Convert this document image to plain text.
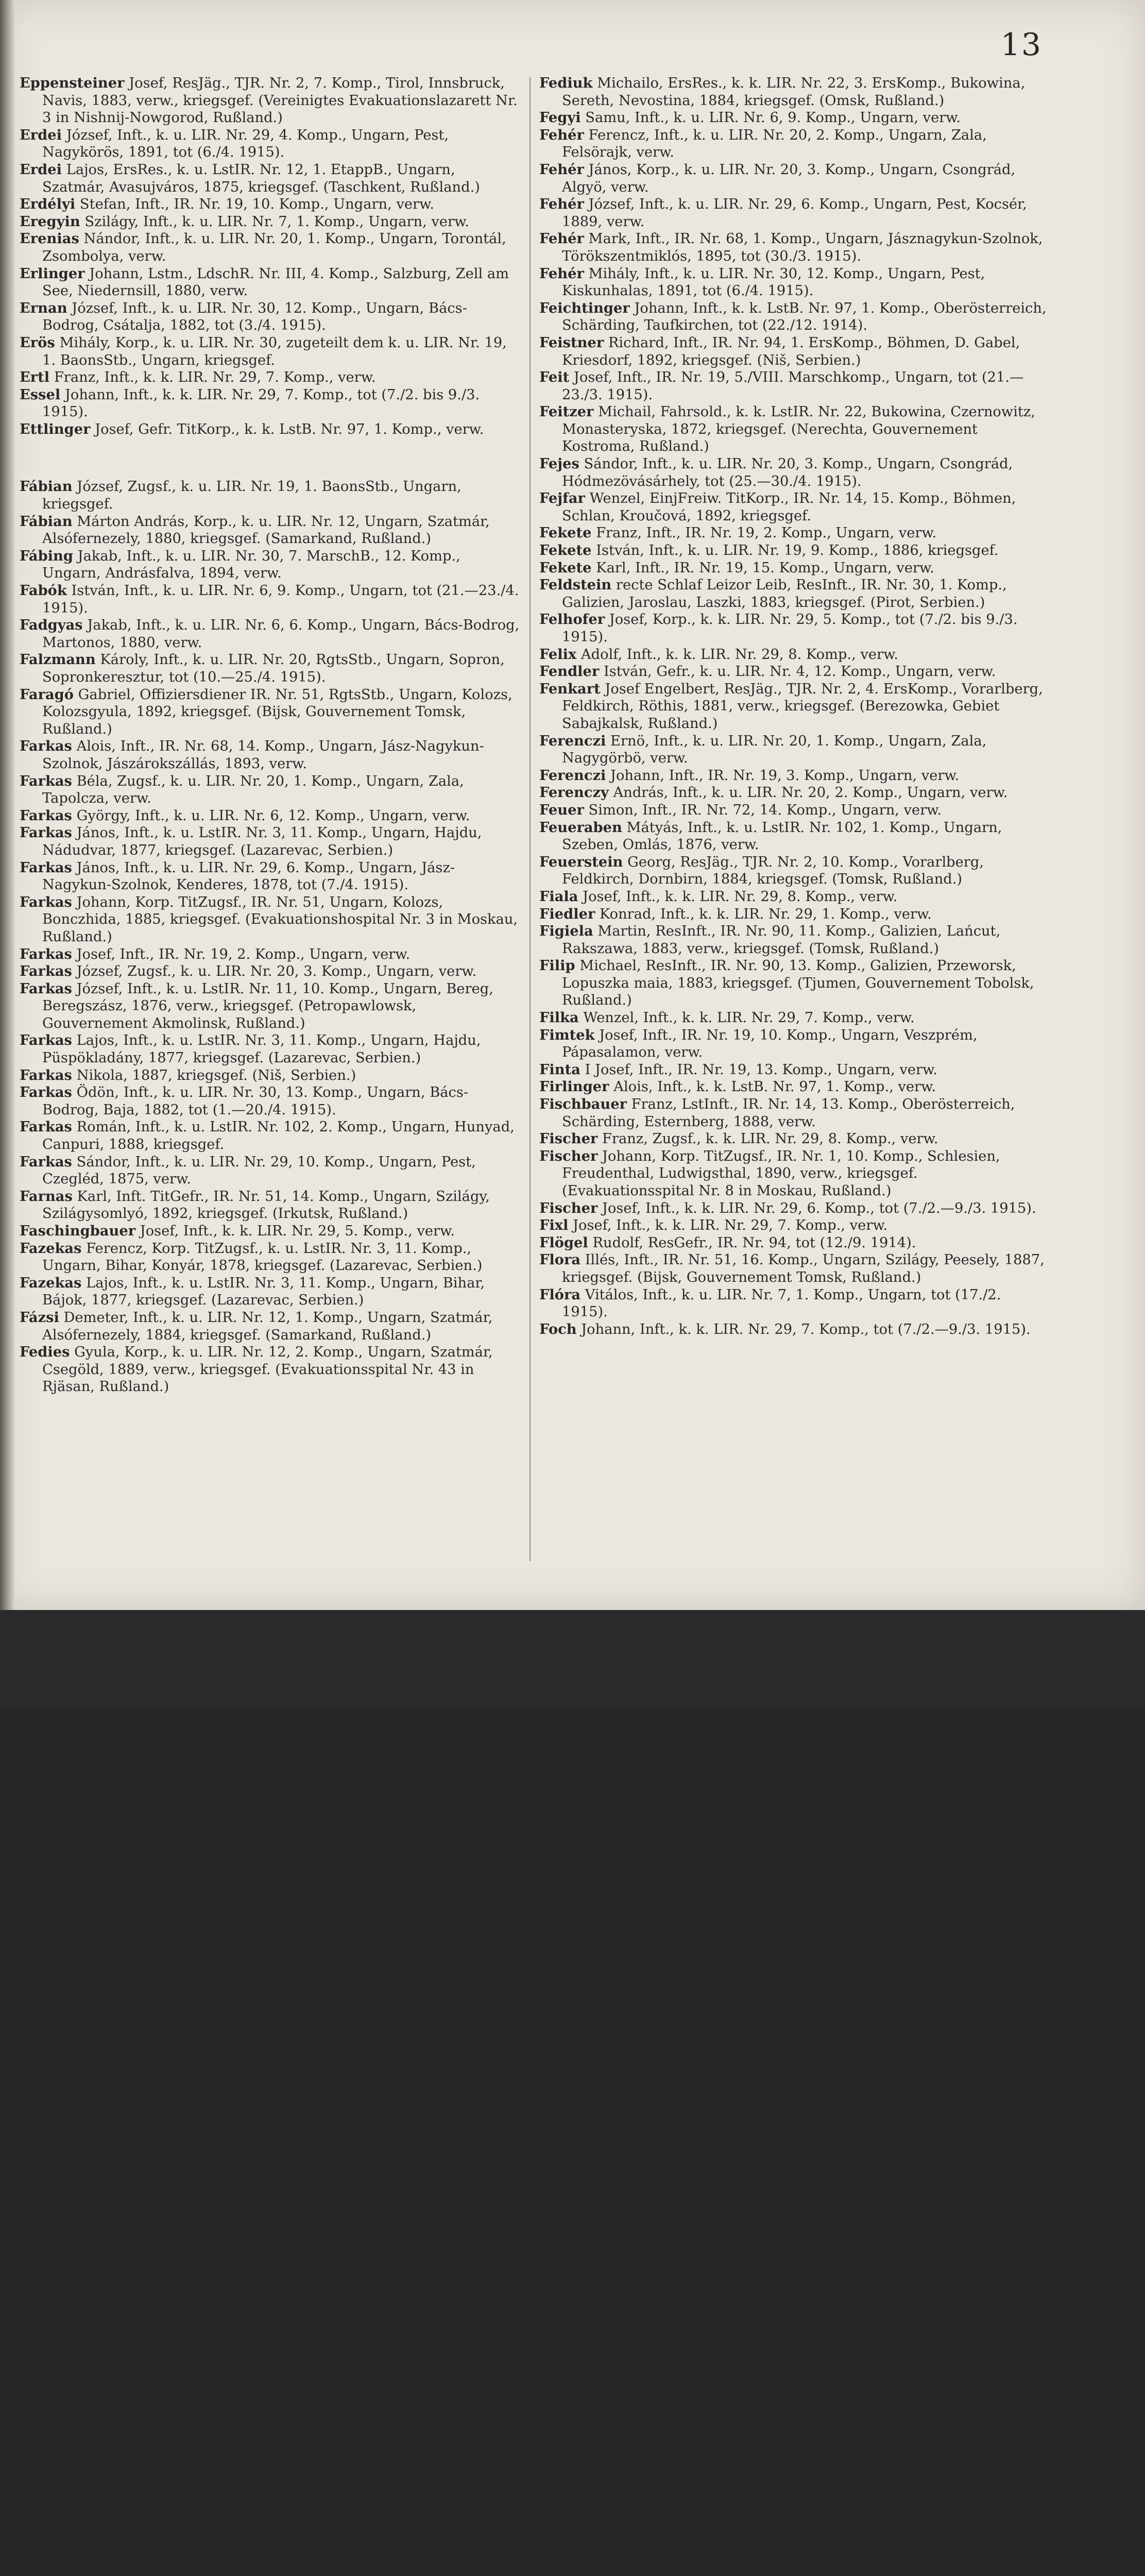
13
Eppensteiner Josef, ResJäg., TJR. Nr. 2, 7. Komp., Tirol, Innsbruck, Navis, 1883, verw., kriegsgef. (Vereinigtes Evakuationslazarett Nr. 3 in Nishnij-Nowgorod, Rußland.)
Erdei József, Inft., k. u. LIR. Nr. 29, 4. Komp., Ungarn, Pest, Nagykörös, 1891, tot (6./4. 1915).
Erdei Lajos, ErsRes., k. u. LstIR. Nr. 12, 1. EtappB., Ungarn, Szatmár, Avasujváros, 1875, kriegsgef. (Taschkent, Rußland.)
Erdélyi Stefan, Inft., IR. Nr. 19, 10. Komp., Ungarn, verw.
Eregyin Szilágy, Inft., k. u. LIR. Nr. 7, 1. Komp., Ungarn, verw.
Erenias Nándor, Inft., k. u. LIR. Nr. 20, 1. Komp., Ungarn, Torontál, Zsombolya, verw.
Erlinger Johann, Lstm., LdschR. Nr. III, 4. Komp., Salzburg, Zell am See, Niedernsill, 1880, verw.
Ernan József, Inft., k. u. LIR. Nr. 30, 12. Komp., Ungarn, Bács-Bodrog, Csátalja, 1882, tot (3./4. 1915).
Erös Mihály, Korp., k. u. LIR. Nr. 30, zugeteilt dem k. u. LIR. Nr. 19, 1. BaonsStb., Ungarn, kriegsgef.
Ertl Franz, Inft., k. k. LIR. Nr. 29, 7. Komp., verw.
Essel Johann, Inft., k. k. LIR. Nr. 29, 7. Komp., tot (7./2. bis 9./3. 1915).
Ettlinger Josef, Gefr. TitKorp., k. k. LstB. Nr. 97, 1. Komp., verw.
Fábian József, Zugsf., k. u. LIR. Nr. 19, 1. BaonsStb., Ungarn, kriegsgef.
Fábian Márton András, Korp., k. u. LIR. Nr. 12, Ungarn, Szatmár, Alsófernezely, 1880, kriegsgef. (Samarkand, Rußland.)
Fábing Jakab, Inft., k. u. LIR. Nr. 30, 7. MarschB., 12. Komp., Ungarn, Andrásfalva, 1894, verw.
Fabók István, Inft., k. u. LIR. Nr. 6, 9. Komp., Ungarn, tot (21.—23./4. 1915).
Fadgyas Jakab, Inft., k. u. LIR. Nr. 6, 6. Komp., Ungarn, Bács-Bodrog, Martonos, 1880, verw.
Falzmann Károly, Inft., k. u. LIR. Nr. 20, RgtsStb., Ungarn, Sopron, Sopronkeresztur, tot (10.—25./4. 1915).
Faragó Gabriel, Offiziersdiener IR. Nr. 51, RgtsStb., Ungarn, Kolozs, Kolozsgyula, 1892, kriegsgef. (Bijsk, Gouvernement Tomsk, Rußland.)
Farkas Alois, Inft., IR. Nr. 68, 14. Komp., Ungarn, Jász-Nagykun-Szolnok, Jászárokszállás, 1893, verw.
Farkas Béla, Zugsf., k. u. LIR. Nr. 20, 1. Komp., Ungarn, Zala, Tapolcza, verw.
Farkas György, Inft., k. u. LIR. Nr. 6, 12. Komp., Ungarn, verw.
Farkas János, Inft., k. u. LstIR. Nr. 3, 11. Komp., Ungarn, Hajdu, Nádudvar, 1877, kriegsgef. (Lazarevac, Serbien.)
Farkas János, Inft., k. u. LIR. Nr. 29, 6. Komp., Ungarn, Jász-Nagykun-Szolnok, Kenderes, 1878, tot (7./4. 1915).
Farkas Johann, Korp. TitZugsf., IR. Nr. 51, Ungarn, Kolozs, Bonczhida, 1885, kriegsgef. (Evakuationshospital Nr. 3 in Moskau, Rußland.)
Farkas Josef, Inft., IR. Nr. 19, 2. Komp., Ungarn, verw.
Farkas József, Zugsf., k. u. LIR. Nr. 20, 3. Komp., Ungarn, verw.
Farkas József, Inft., k. u. LstIR. Nr. 11, 10. Komp., Ungarn, Bereg, Beregszász, 1876, verw., kriegsgef. (Petropawlowsk, Gouvernement Akmolinsk, Rußland.)
Farkas Lajos, Inft., k. u. LstIR. Nr. 3, 11. Komp., Ungarn, Hajdu, Püspökladány, 1877, kriegsgef. (Lazarevac, Serbien.)
Farkas Nikola, 1887, kriegsgef. (Niš, Serbien.)
Farkas Ödön, Inft., k. u. LIR. Nr. 30, 13. Komp., Ungarn, Bács-Bodrog, Baja, 1882, tot (1.—20./4. 1915).
Farkas Román, Inft., k. u. LstIR. Nr. 102, 2. Komp., Ungarn, Hunyad, Canpuri, 1888, kriegsgef.
Farkas Sándor, Inft., k. u. LIR. Nr. 29, 10. Komp., Ungarn, Pest, Czegléd, 1875, verw.
Farnas Karl, Inft. TitGefr., IR. Nr. 51, 14. Komp., Ungarn, Szilágy, Szilágysomlyó, 1892, kriegsgef. (Irkutsk, Rußland.)
Faschingbauer Josef, Inft., k. k. LIR. Nr. 29, 5. Komp., verw.
Fazekas Ferencz, Korp. TitZugsf., k. u. LstIR. Nr. 3, 11. Komp., Ungarn, Bihar, Konyár, 1878, kriegsgef. (Lazarevac, Serbien.)
Fazekas Lajos, Inft., k. u. LstIR. Nr. 3, 11. Komp., Ungarn, Bihar, Bájok, 1877, kriegsgef. (Lazarevac, Serbien.)
Fázsi Demeter, Inft., k. u. LIR. Nr. 12, 1. Komp., Ungarn, Szatmár, Alsófernezely, 1884, kriegsgef. (Samarkand, Rußland.)
Fedies Gyula, Korp., k. u. LIR. Nr. 12, 2. Komp., Ungarn, Szatmár, Csegöld, 1889, verw., kriegsgef. (Evakuationsspital Nr. 43 in Rjäsan, Rußland.)
Fediuk Michailo, ErsRes., k. k. LIR. Nr. 22, 3. ErsKomp., Bukowina, Sereth, Nevostina, 1884, kriegsgef. (Omsk, Rußland.)
Fegyi Samu, Inft., k. u. LIR. Nr. 6, 9. Komp., Ungarn, verw.
Fehér Ferencz, Inft., k. u. LIR. Nr. 20, 2. Komp., Ungarn, Zala, Felsörajk, verw.
Fehér János, Korp., k. u. LIR. Nr. 20, 3. Komp., Ungarn, Csongrád, Algyö, verw.
Fehér József, Inft., k. u. LIR. Nr. 29, 6. Komp., Ungarn, Pest, Kocsér, 1889, verw.
Fehér Mark, Inft., IR. Nr. 68, 1. Komp., Ungarn, Jásznagykun-Szolnok, Törökszentmiklós, 1895, tot (30./3. 1915).
Fehér Mihály, Inft., k. u. LIR. Nr. 30, 12. Komp., Ungarn, Pest, Kiskunhalas, 1891, tot (6./4. 1915).
Feichtinger Johann, Inft., k. k. LstB. Nr. 97, 1. Komp., Oberösterreich, Schärding, Taufkirchen, tot (22./12. 1914).
Feistner Richard, Inft., IR. Nr. 94, 1. ErsKomp., Böhmen, D. Gabel, Kriesdorf, 1892, kriegsgef. (Niš, Serbien.)
Feit Josef, Inft., IR. Nr. 19, 5./VIII. Marschkomp., Ungarn, tot (21.—23./3. 1915).
Feitzer Michail, Fahrsold., k. k. LstIR. Nr. 22, Bukowina, Czernowitz, Monasteryska, 1872, kriegsgef. (Nerechta, Gouvernement Kostroma, Rußland.)
Fejes Sándor, Inft., k. u. LIR. Nr. 20, 3. Komp., Ungarn, Csongrád, Hódmezövásárhely, tot (25.—30./4. 1915).
Fejfar Wenzel, EinjFreiw. TitKorp., IR. Nr. 14, 15. Komp., Böhmen, Schlan, Kroučová, 1892, kriegsgef.
Fekete Franz, Inft., IR. Nr. 19, 2. Komp., Ungarn, verw.
Fekete István, Inft., k. u. LIR. Nr. 19, 9. Komp., 1886, kriegsgef.
Fekete Karl, Inft., IR. Nr. 19, 15. Komp., Ungarn, verw.
Feldstein recte Schlaf Leizor Leib, ResInft., IR. Nr. 30, 1. Komp., Galizien, Jaroslau, Laszki, 1883, kriegsgef. (Pirot, Serbien.)
Felhofer Josef, Korp., k. k. LIR. Nr. 29, 5. Komp., tot (7./2. bis 9./3. 1915).
Felix Adolf, Inft., k. k. LIR. Nr. 29, 8. Komp., verw.
Fendler István, Gefr., k. u. LIR. Nr. 4, 12. Komp., Ungarn, verw.
Fenkart Josef Engelbert, ResJäg., TJR. Nr. 2, 4. ErsKomp., Vorarlberg, Feldkirch, Röthis, 1881, verw., kriegsgef. (Berezowka, Gebiet Sabajkalsk, Rußland.)
Ferenczi Ernö, Inft., k. u. LIR. Nr. 20, 1. Komp., Ungarn, Zala, Nagygörbö, verw.
Ferenczi Johann, Inft., IR. Nr. 19, 3. Komp., Ungarn, verw.
Ferenczy András, Inft., k. u. LIR. Nr. 20, 2. Komp., Ungarn, verw.
Feuer Simon, Inft., IR. Nr. 72, 14. Komp., Ungarn, verw.
Feueraben Mátyás, Inft., k. u. LstIR. Nr. 102, 1. Komp., Ungarn, Szeben, Omlás, 1876, verw.
Feuerstein Georg, ResJäg., TJR. Nr. 2, 10. Komp., Vorarlberg, Feldkirch, Dornbirn, 1884, kriegsgef. (Tomsk, Rußland.)
Fiala Josef, Inft., k. k. LIR. Nr. 29, 8. Komp., verw.
Fiedler Konrad, Inft., k. k. LIR. Nr. 29, 1. Komp., verw.
Figiela Martin, ResInft., IR. Nr. 90, 11. Komp., Galizien, Lańcut, Rakszawa, 1883, verw., kriegsgef. (Tomsk, Rußland.)
Filip Michael, ResInft., IR. Nr. 90, 13. Komp., Galizien, Przeworsk, Lopuszka maia, 1883, kriegsgef. (Tjumen, Gouvernement Tobolsk, Rußland.)
Filka Wenzel, Inft., k. k. LIR. Nr. 29, 7. Komp., verw.
Fimtek Josef, Inft., IR. Nr. 19, 10. Komp., Ungarn, Veszprém, Pápasalamon, verw.
Finta I Josef, Inft., IR. Nr. 19, 13. Komp., Ungarn, verw.
Firlinger Alois, Inft., k. k. LstB. Nr. 97, 1. Komp., verw.
Fischbauer Franz, LstInft., IR. Nr. 14, 13. Komp., Oberösterreich, Schärding, Esternberg, 1888, verw.
Fischer Franz, Zugsf., k. k. LIR. Nr. 29, 8. Komp., verw.
Fischer Johann, Korp. TitZugsf., IR. Nr. 1, 10. Komp., Schlesien, Freudenthal, Ludwigsthal, 1890, verw., kriegsgef. (Evakuationsspital Nr. 8 in Moskau, Rußland.)
Fischer Josef, Inft., k. k. LIR. Nr. 29, 6. Komp., tot (7./2.—9./3. 1915).
Fixl Josef, Inft., k. k. LIR. Nr. 29, 7. Komp., verw.
Flögel Rudolf, ResGefr., IR. Nr. 94, tot (12./9. 1914).
Flora Illés, Inft., IR. Nr. 51, 16. Komp., Ungarn, Szilágy, Peesely, 1887, kriegsgef. (Bijsk, Gouvernement Tomsk, Rußland.)
Flóra Vitálos, Inft., k. u. LIR. Nr. 7, 1. Komp., Ungarn, tot (17./2. 1915).
Foch Johann, Inft., k. k. LIR. Nr. 29, 7. Komp., tot (7./2.—9./3. 1915).
